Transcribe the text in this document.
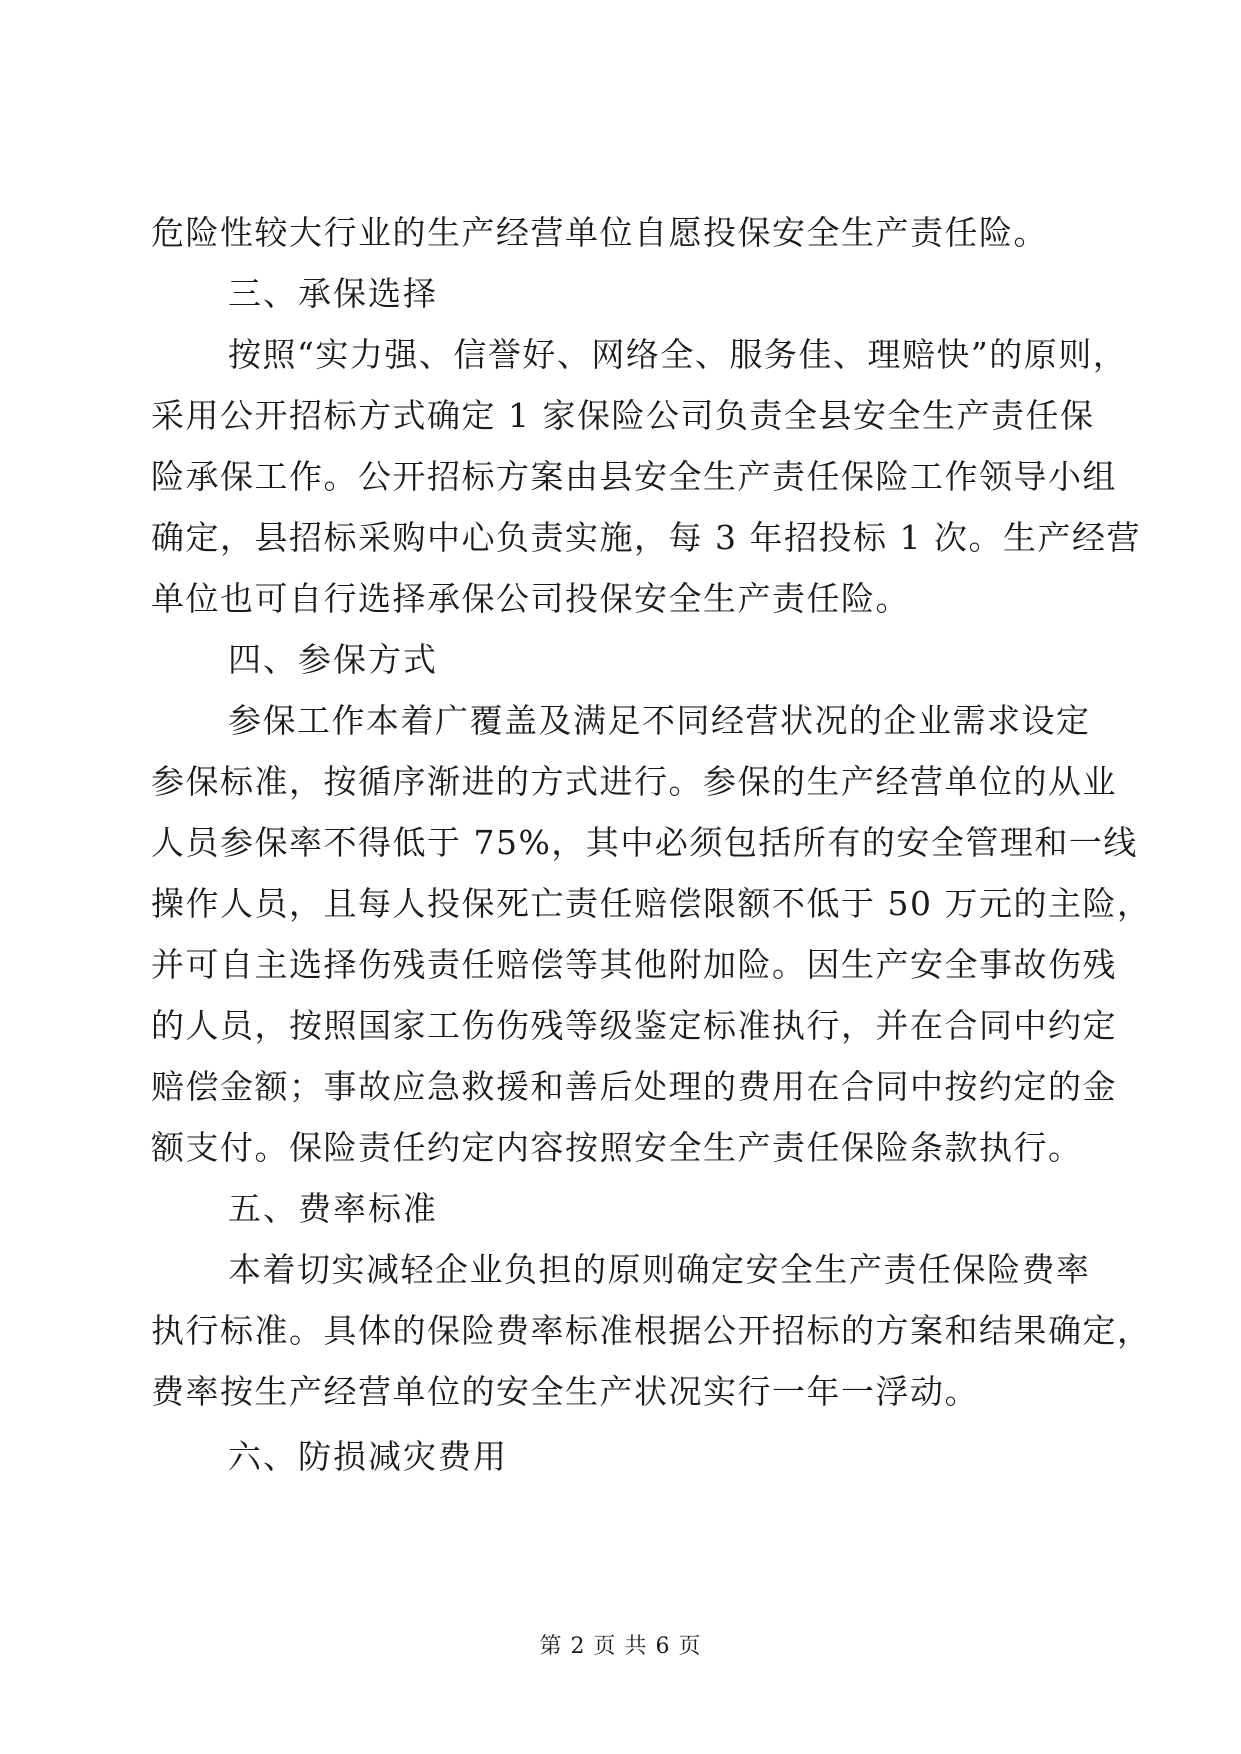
危险性较大行业的生产经营单位自愿投保安全生产责任险。
三、承保选择
按照“实力强、信誉好、网络全、服务佳、理赔快”的原则，
采用公开招标方式确定 1 家保险公司负责全县安全生产责任保
险承保工作。公开招标方案由县安全生产责任保险工作领导小组
确定，县招标采购中心负责实施，每 3 年招投标 1 次。生产经营
单位也可自行选择承保公司投保安全生产责任险。
四、参保方式
参保工作本着广覆盖及满足不同经营状况的企业需求设定
参保标准，按循序渐进的方式进行。参保的生产经营单位的从业
人员参保率不得低于 75%，其中必须包括所有的安全管理和一线
操作人员，且每人投保死亡责任赔偿限额不低于 50 万元的主险，
并可自主选择伤残责任赔偿等其他附加险。因生产安全事故伤残
的人员，按照国家工伤伤残等级鉴定标准执行，并在合同中约定
赔偿金额；事故应急救援和善后处理的费用在合同中按约定的金
额支付。保险责任约定内容按照安全生产责任保险条款执行。
五、费率标准
本着切实减轻企业负担的原则确定安全生产责任保险费率
执行标准。具体的保险费率标准根据公开招标的方案和结果确定，
费率按生产经营单位的安全生产状况实行一年一浮动。
六、防损减灾费用
第 2 页 共 6 页
